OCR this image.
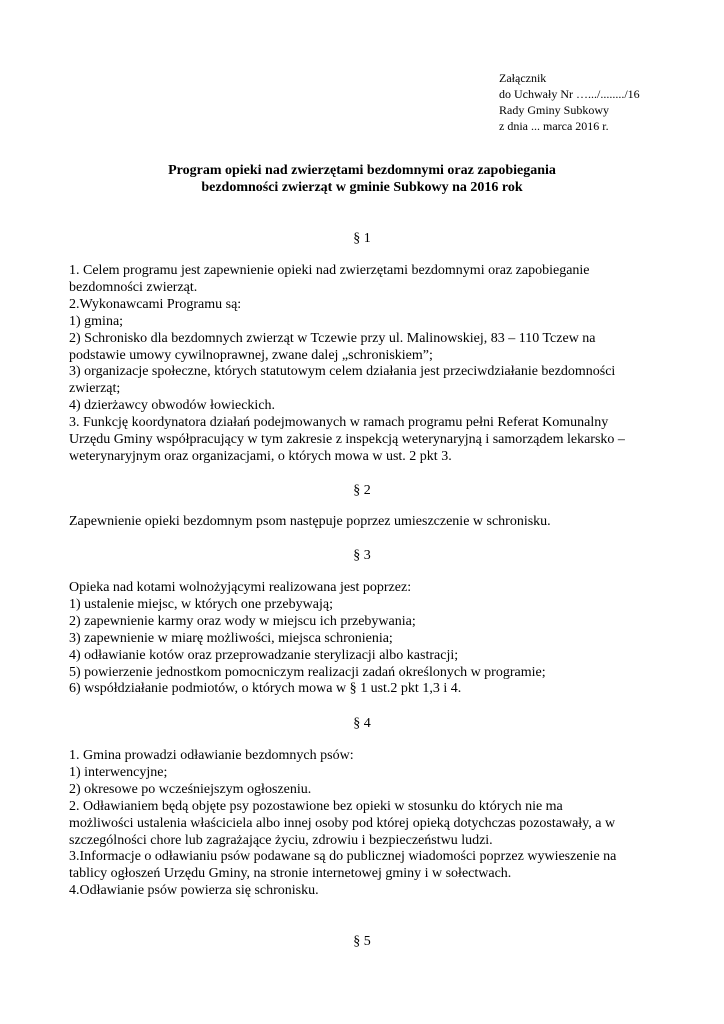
Załącznik
do Uchwały Nr ….../......../16
Rady Gminy Subkowy
z dnia ... marca 2016 r.
Program opieki nad zwierzętami bezdomnymi oraz zapobiegania
bezdomności zwierząt w gminie Subkowy na 2016 rok
§ 1
1. Celem programu jest zapewnienie opieki nad zwierzętami bezdomnymi oraz zapobieganie
bezdomności zwierząt.
2.Wykonawcami Programu są:
1) gmina;
2) Schronisko dla bezdomnych zwierząt w Tczewie przy ul. Malinowskiej, 83 – 110 Tczew na
podstawie umowy cywilnoprawnej, zwane dalej „schroniskiem”;
3) organizacje społeczne, których statutowym celem działania jest przeciwdziałanie bezdomności
zwierząt;
4) dzierżawcy obwodów łowieckich.
3. Funkcję koordynatora działań podejmowanych w ramach programu pełni Referat Komunalny
Urzędu Gminy współpracujący w tym zakresie z inspekcją weterynaryjną i samorządem lekarsko –
weterynaryjnym oraz organizacjami, o których mowa w ust. 2 pkt 3.
§ 2
Zapewnienie opieki bezdomnym psom następuje poprzez umieszczenie w schronisku.
§ 3
Opieka nad kotami wolnożyjącymi realizowana jest poprzez:
1) ustalenie miejsc, w których one przebywają;
2) zapewnienie karmy oraz wody w miejscu ich przebywania;
3) zapewnienie w miarę możliwości, miejsca schronienia;
4) odławianie kotów oraz przeprowadzanie sterylizacji albo kastracji;
5) powierzenie jednostkom pomocniczym realizacji zadań określonych w programie;
6) współdziałanie podmiotów, o których mowa w § 1 ust.2 pkt 1,3 i 4.
§ 4
1. Gmina prowadzi odławianie bezdomnych psów:
1) interwencyjne;
2) okresowe po wcześniejszym ogłoszeniu.
2. Odławianiem będą objęte psy pozostawione bez opieki w stosunku do których nie ma
możliwości ustalenia właściciela albo innej osoby pod której opieką dotychczas pozostawały, a w
szczególności chore lub zagrażające życiu, zdrowiu i bezpieczeństwu ludzi.
3.Informacje o odławianiu psów podawane są do publicznej wiadomości poprzez wywieszenie na
tablicy ogłoszeń Urzędu Gminy, na stronie internetowej gminy i w sołectwach.
4.Odławianie psów powierza się schronisku.
§ 5
